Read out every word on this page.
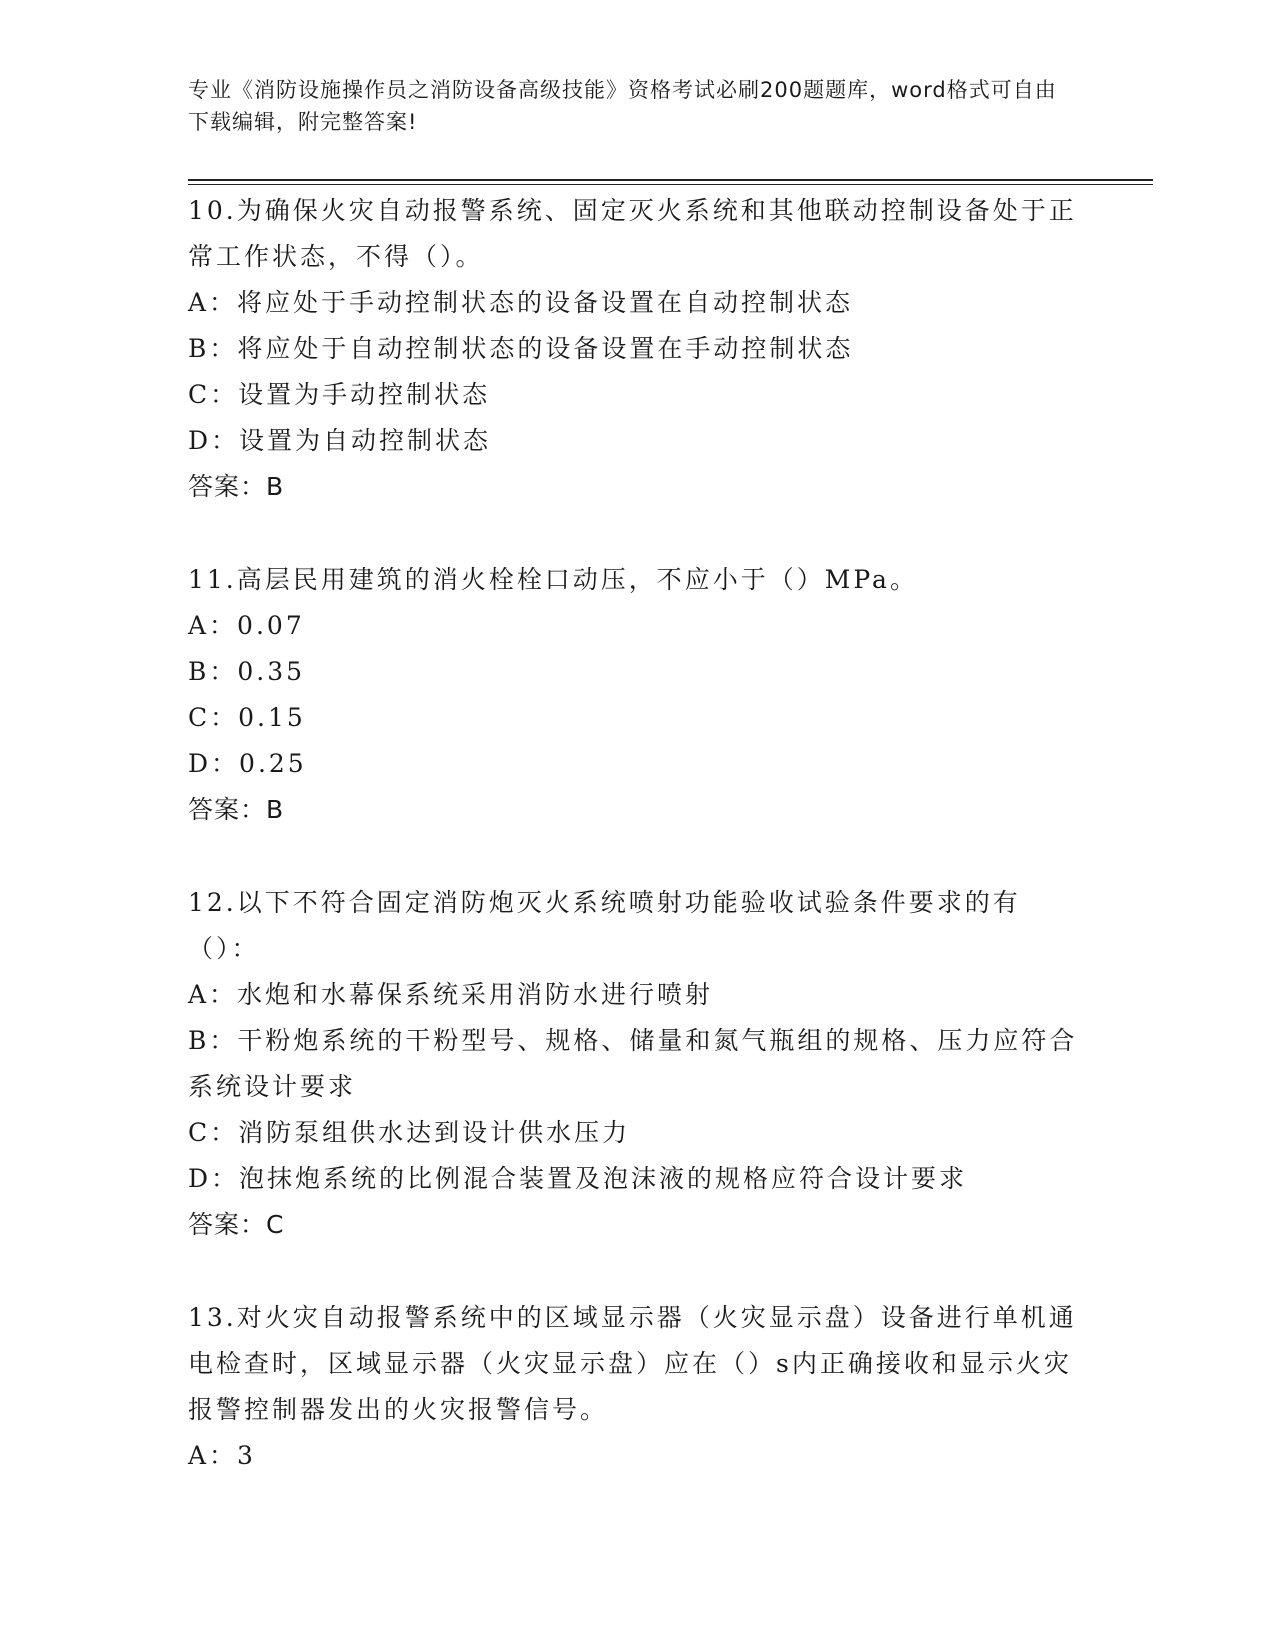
专业《消防设施操作员之消防设备高级技能》资格考试必刷200题题库，word格式可自由下载编辑，附完整答案!
10.为确保火灾自动报警系统、固定灭火系统和其他联动控制设备处于正常工作状态，不得（）。
A：将应处于手动控制状态的设备设置在自动控制状态
B：将应处于自动控制状态的设备设置在手动控制状态
C：设置为手动控制状态
D：设置为自动控制状态
答案：B
11.高层民用建筑的消火栓栓口动压，不应小于（）MPa。
A：0.07
B：0.35
C：0.15
D：0.25
答案：B
12.以下不符合固定消防炮灭火系统喷射功能验收试验条件要求的有（）：
A：水炮和水幕保系统采用消防水进行喷射
B：干粉炮系统的干粉型号、规格、储量和氮气瓶组的规格、压力应符合系统设计要求
C：消防泵组供水达到设计供水压力
D：泡抹炮系统的比例混合装置及泡沫液的规格应符合设计要求
答案：C
13.对火灾自动报警系统中的区域显示器（火灾显示盘）设备进行单机通电检查时，区域显示器（火灾显示盘）应在（）s内正确接收和显示火灾报警控制器发出的火灾报警信号。
A：3
